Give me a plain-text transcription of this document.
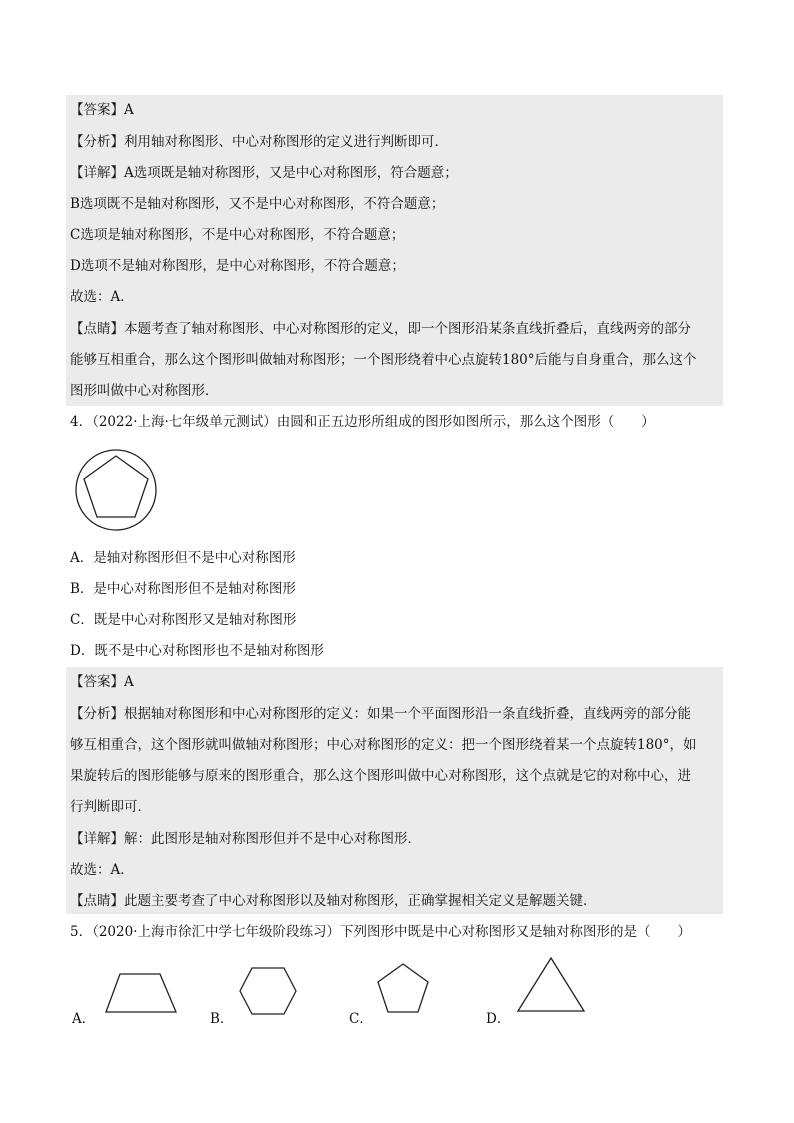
【答案】A
【分析】利用轴对称图形、中心对称图形的定义进行判断即可．
【详解】A选项既是轴对称图形，又是中心对称图形，符合题意；
B选项既不是轴对称图形，又不是中心对称图形，不符合题意；
C选项是轴对称图形，不是中心对称图形，不符合题意；
D选项不是轴对称图形，是中心对称图形，不符合题意；
故选：A．
【点睛】本题考查了轴对称图形、中心对称图形的定义，即一个图形沿某条直线折叠后，直线两旁的部分
能够互相重合，那么这个图形叫做轴对称图形；一个图形绕着中心点旋转180°后能与自身重合，那么这个
图形叫做中心对称图形．
4．（2022·上海·七年级单元测试）由圆和正五边形所组成的图形如图所示，那么这个图形（　　）
A．是轴对称图形但不是中心对称图形
B．是中心对称图形但不是轴对称图形
C．既是中心对称图形又是轴对称图形
D．既不是中心对称图形也不是轴对称图形
【答案】A
【分析】根据轴对称图形和中心对称图形的定义：如果一个平面图形沿一条直线折叠，直线两旁的部分能
够互相重合，这个图形就叫做轴对称图形；中心对称图形的定义：把一个图形绕着某一个点旋转180°，如
果旋转后的图形能够与原来的图形重合，那么这个图形叫做中心对称图形，这个点就是它的对称中心，进
行判断即可．
【详解】解：此图形是轴对称图形但并不是中心对称图形．
故选：A．
【点睛】此题主要考查了中心对称图形以及轴对称图形，正确掌握相关定义是解题关键．
5．（2020·上海市徐汇中学七年级阶段练习）下列图形中既是中心对称图形又是轴对称图形的是（　　）
A．	B．	C．	D．
